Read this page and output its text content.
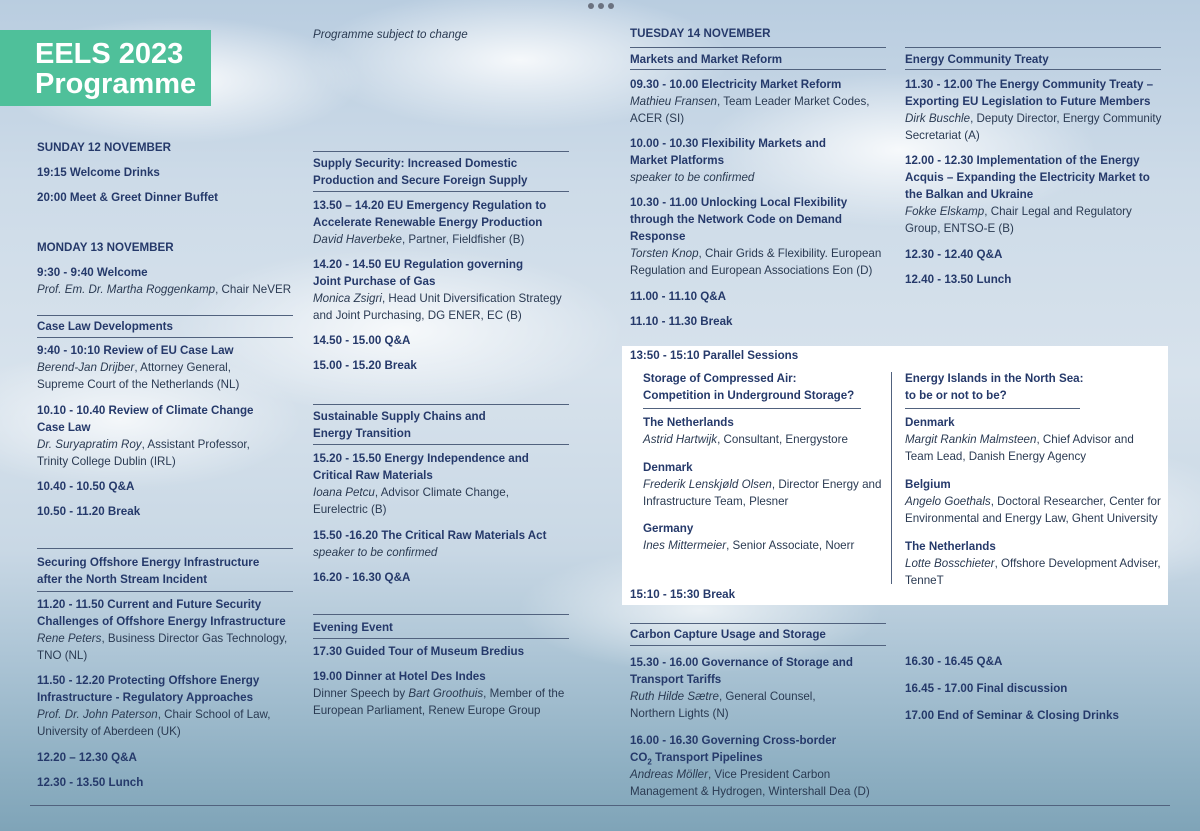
EELS 2023
Programme
Programme subject to change
SUNDAY 12 NOVEMBER
19:15 Welcome Drinks
20:00 Meet & Greet Dinner Buffet
MONDAY 13 NOVEMBER
9:30 - 9:40 Welcome
Prof. Em. Dr. Martha Roggenkamp, Chair NeVER
Case Law Developments
9:40 - 10:10 Review of EU Case Law
Berend-Jan Drijber, Attorney General,
Supreme Court of the Netherlands (NL)
10.10 - 10.40 Review of Climate Change
Case Law
Dr. Suryapratim Roy, Assistant Professor,
Trinity College Dublin (IRL)
10.40 - 10.50 Q&A
10.50 - 11.20 Break
Securing Offshore Energy Infrastructure
after the North Stream Incident
11.20 - 11.50 Current and Future Security
Challenges of Offshore Energy Infrastructure
Rene Peters, Business Director Gas Technology,
TNO (NL)
11.50 - 12.20 Protecting Offshore Energy
Infrastructure - Regulatory Approaches
Prof. Dr. John Paterson, Chair School of Law,
University of Aberdeen (UK)
12.20 – 12.30 Q&A
12.30 - 13.50 Lunch
Supply Security: Increased Domestic
Production and Secure Foreign Supply
13.50 – 14.20 EU Emergency Regulation to
Accelerate Renewable Energy Production
David Haverbeke, Partner, Fieldfisher (B)
14.20 - 14.50 EU Regulation governing
Joint Purchase of Gas
Monica Zsigri, Head Unit Diversification Strategy
and Joint Purchasing, DG ENER, EC (B)
14.50 - 15.00 Q&A
15.00 - 15.20 Break
Sustainable Supply Chains and
Energy Transition
15.20 - 15.50 Energy Independence and
Critical Raw Materials
Ioana Petcu, Advisor Climate Change,
Eurelectric (B)
15.50 -16.20 The Critical Raw Materials Act
speaker to be confirmed
16.20 - 16.30 Q&A
Evening Event
17.30 Guided Tour of Museum Bredius
19.00 Dinner at Hotel Des Indes
Dinner Speech by Bart Groothuis, Member of the
European Parliament, Renew Europe Group
TUESDAY 14 NOVEMBER
Markets and Market Reform
09.30 - 10.00 Electricity Market Reform
Mathieu Fransen, Team Leader Market Codes,
ACER (SI)
10.00 - 10.30 Flexibility Markets and
Market Platforms
speaker to be confirmed
10.30 - 11.00 Unlocking Local Flexibility
through the Network Code on Demand
Response
Torsten Knop, Chair Grids & Flexibility. European
Regulation and European Associations Eon (D)
11.00 - 11.10 Q&A
11.10 - 11.30 Break
13:50 - 15:10 Parallel Sessions
Storage of Compressed Air:
Competition in Underground Storage?
The Netherlands
Astrid Hartwijk, Consultant, Energystore
Denmark
Frederik Lenskjøld Olsen, Director Energy and
Infrastructure Team, Plesner
Germany
Ines Mittermeier, Senior Associate, Noerr
15:10 - 15:30 Break
Carbon Capture Usage and Storage
15.30 - 16.00 Governance of Storage and
Transport Tariffs
Ruth Hilde Sætre, General Counsel,
Northern Lights (N)
16.00 - 16.30 Governing Cross-border
$CO_2$ Transport Pipelines
Andreas Möller, Vice President Carbon
Management & Hydrogen, Wintershall Dea (D)
Energy Community Treaty
11.30 - 12.00 The Energy Community Treaty –
Exporting EU Legislation to Future Members
Dirk Buschle, Deputy Director, Energy Community
Secretariat (A)
12.00 - 12.30 Implementation of the Energy
Acquis – Expanding the Electricity Market to
the Balkan and Ukraine
Fokke Elskamp, Chair Legal and Regulatory
Group, ENTSO-E (B)
12.30 - 12.40 Q&A
12.40 - 13.50 Lunch
Energy Islands in the North Sea:
to be or not to be?
Denmark
Margit Rankin Malmsteen, Chief Advisor and
Team Lead, Danish Energy Agency
Belgium
Angelo Goethals, Doctoral Researcher, Center for
Environmental and Energy Law, Ghent University
The Netherlands
Lotte Bosschieter, Offshore Development Adviser,
TenneT
16.30 - 16.45 Q&A
16.45 - 17.00 Final discussion
17.00 End of Seminar & Closing Drinks
